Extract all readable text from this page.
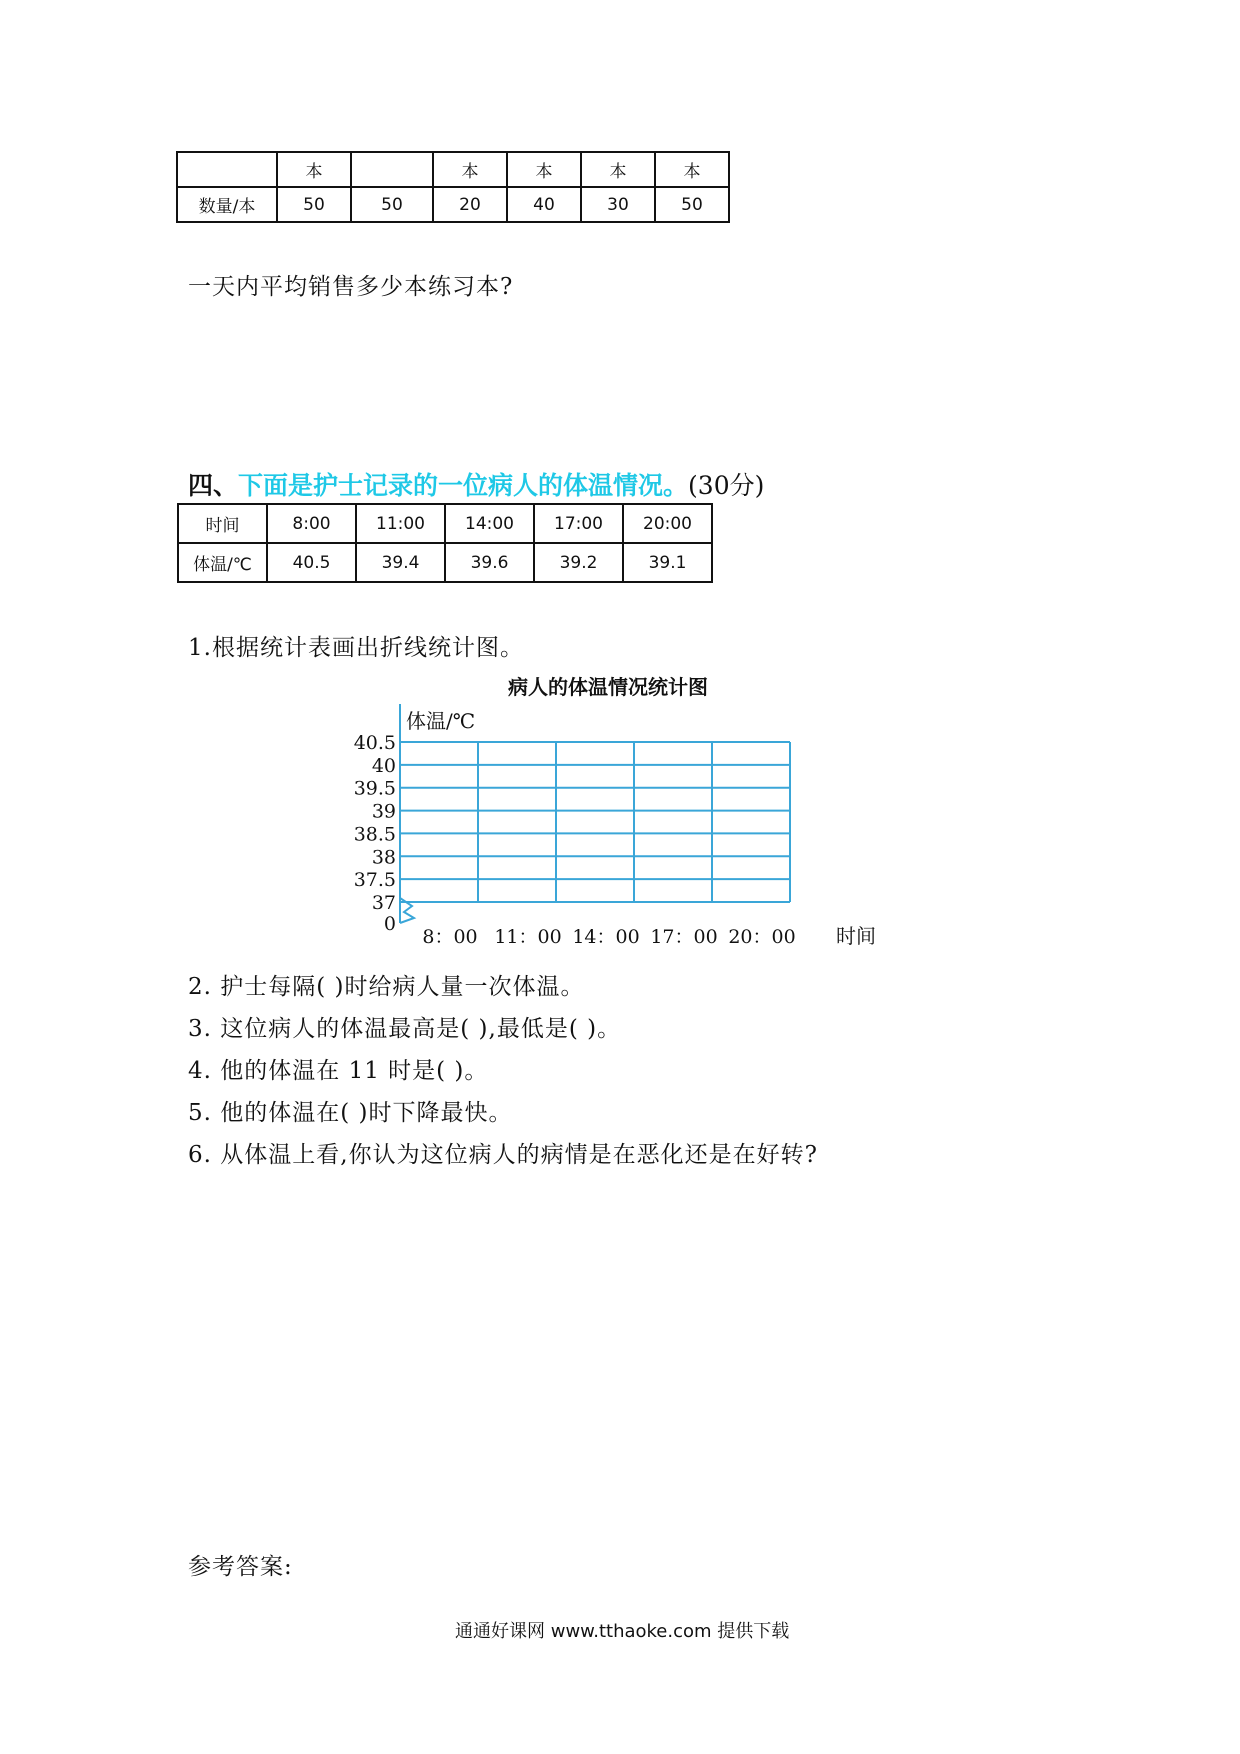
	本		本	本	本	本
数量/本	50	50	20	40	30	50
一天内平均销售多少本练习本?
四、下面是护士记录的一位病人的体温情况。(30分)
时间	8:00	11:00	14:00	17:00	20:00
体温/℃	40.5	39.4	39.6	39.2	39.1
1.根据统计表画出折线统计图。
病人的体温情况统计图
体温/℃
0
37
37.5
38
38.5
39
39.5
40
40.5
8：00 11：00 14：00 17：00 20：00 时间
2. 护士每隔( )时给病人量一次体温。
3. 这位病人的体温最高是( ),最低是( )。
4. 他的体温在 11 时是( )。
5. 他的体温在( )时下降最快。
6. 从体温上看,你认为这位病人的病情是在恶化还是在好转?
参考答案:
通通好课网 www.tthaoke.com 提供下载
